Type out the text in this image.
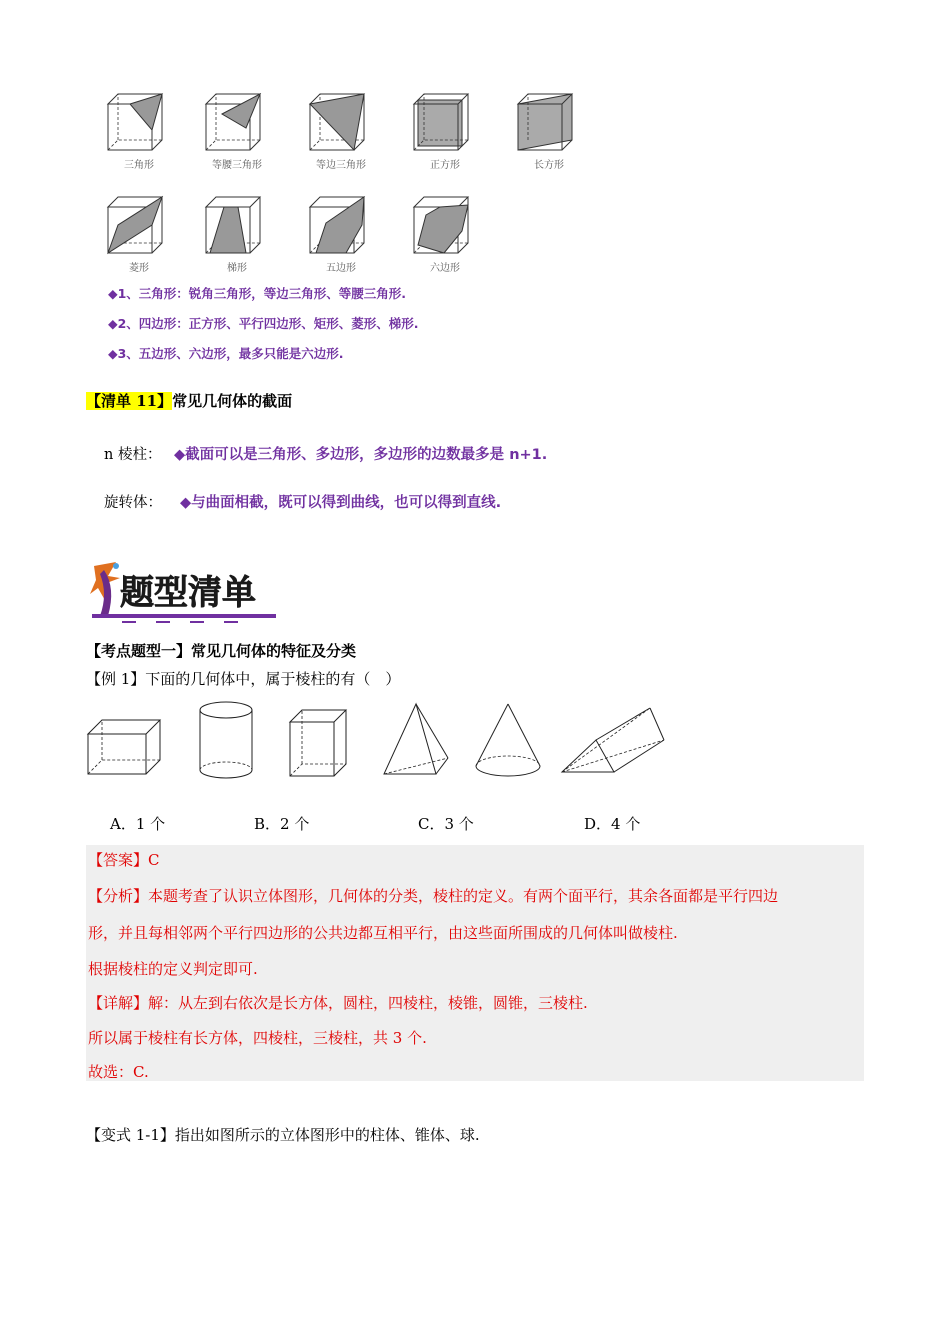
三角形	等腰三角形	等边三角形	正方形	长方形
菱形	梯形	五边形	六边形
◆1、三角形：锐角三角形，等边三角形、等腰三角形.
◆2、四边形：正方形、平行四边形、矩形、菱形、梯形.
◆3、五边形、六边形，最多只能是六边形.
【清单 11】常见几何体的截面
n 棱柱： ◆截面可以是三角形、多边形，多边形的边数最多是 n+1.
旋转体： ◆与曲面相截，既可以得到曲线，也可以得到直线.
题型清单
【考点题型一】常见几何体的特征及分类
【例 1】下面的几何体中，属于棱柱的有（　）
A．1 个	B．2 个	C．3 个	D．4 个
【答案】C
【分析】本题考查了认识立体图形，几何体的分类，棱柱的定义。有两个面平行，其余各面都是平行四边
形，并且每相邻两个平行四边形的公共边都互相平行，由这些面所围成的几何体叫做棱柱.
根据棱柱的定义判定即可.
【详解】解：从左到右依次是长方体，圆柱，四棱柱，棱锥，圆锥，三棱柱.
所以属于棱柱有长方体，四棱柱，三棱柱，共 3 个.
故选：C.
【变式 1-1】指出如图所示的立体图形中的柱体、锥体、球.
